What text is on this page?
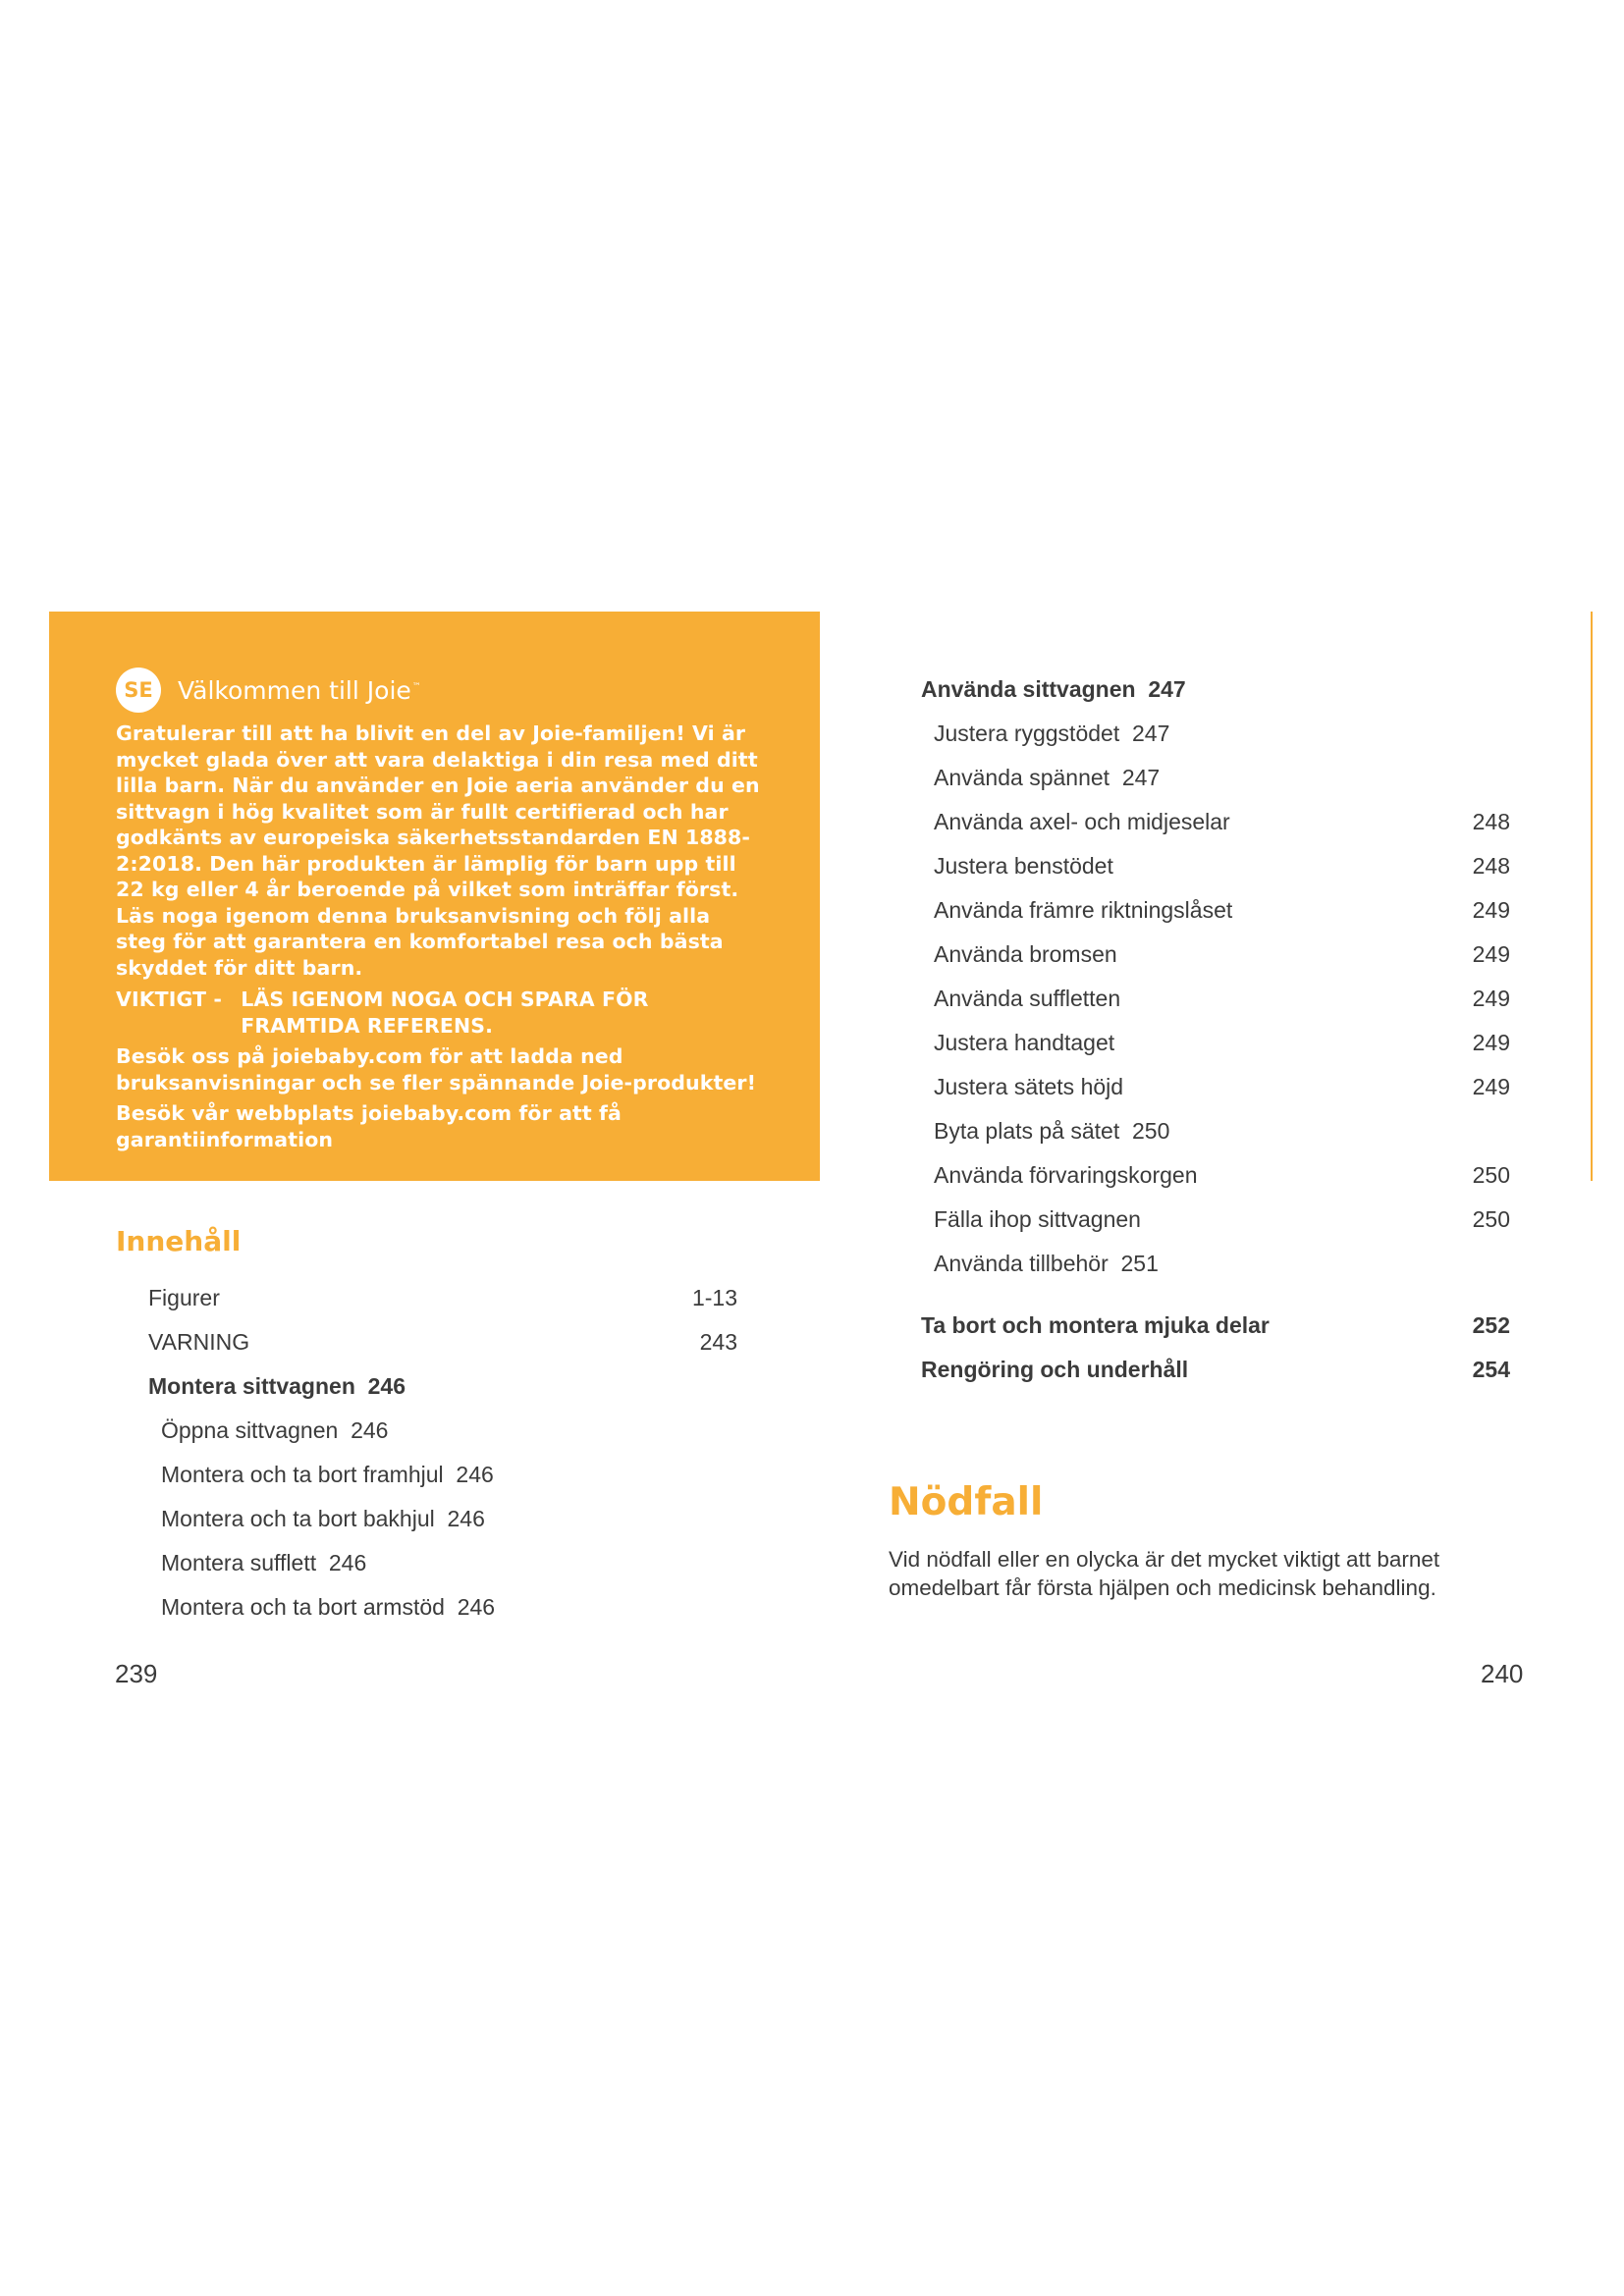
SE	Välkommen till Joie™

Gratulerar till att ha blivit en del av Joie-familjen! Vi är mycket glada över att vara delaktiga i din resa med ditt lilla barn. När du använder en Joie aeria använder du en sittvagn i hög kvalitet som är fullt certifierad och har godkänts av europeiska säkerhetsstandarden EN 1888-2:2018. Den här produkten är lämplig för barn upp till 22 kg eller 4 år beroende på vilket som inträffar först. Läs noga igenom denna bruksanvisning och följ alla steg för att garantera en komfortabel resa och bästa skyddet för ditt barn.

VIKTIGT - LÄS IGENOM NOGA OCH SPARA FÖR FRAMTIDA REFERENS.

Besök oss på joiebaby.com för att ladda ned bruksanvisningar och se fler spännande Joie-produkter!

Besök vår webbplats joiebaby.com för att få garantiinformation

Innehåll
Figurer	1-13
VARNING	243
Montera sittvagnen  246
Öppna sittvagnen  246
Montera och ta bort framhjul  246
Montera och ta bort bakhjul  246
Montera sufflett  246
Montera och ta bort armstöd  246
Använda sittvagnen  247
Justera ryggstödet  247
Använda spännet  247
Använda axel- och midjeselar	248
Justera benstödet	248
Använda främre riktningslåset	249
Använda bromsen	249
Använda suffletten	249
Justera handtaget	249
Justera sätets höjd	249
Byta plats på sätet  250
Använda förvaringskorgen	250
Fälla ihop sittvagnen	250
Använda tillbehör  251
Ta bort och montera mjuka delar	252
Rengöring och underhåll	254
Nödfall
Vid nödfall eller en olycka är det mycket viktigt att barnet omedelbart får första hjälpen och medicinsk behandling.
239	240
